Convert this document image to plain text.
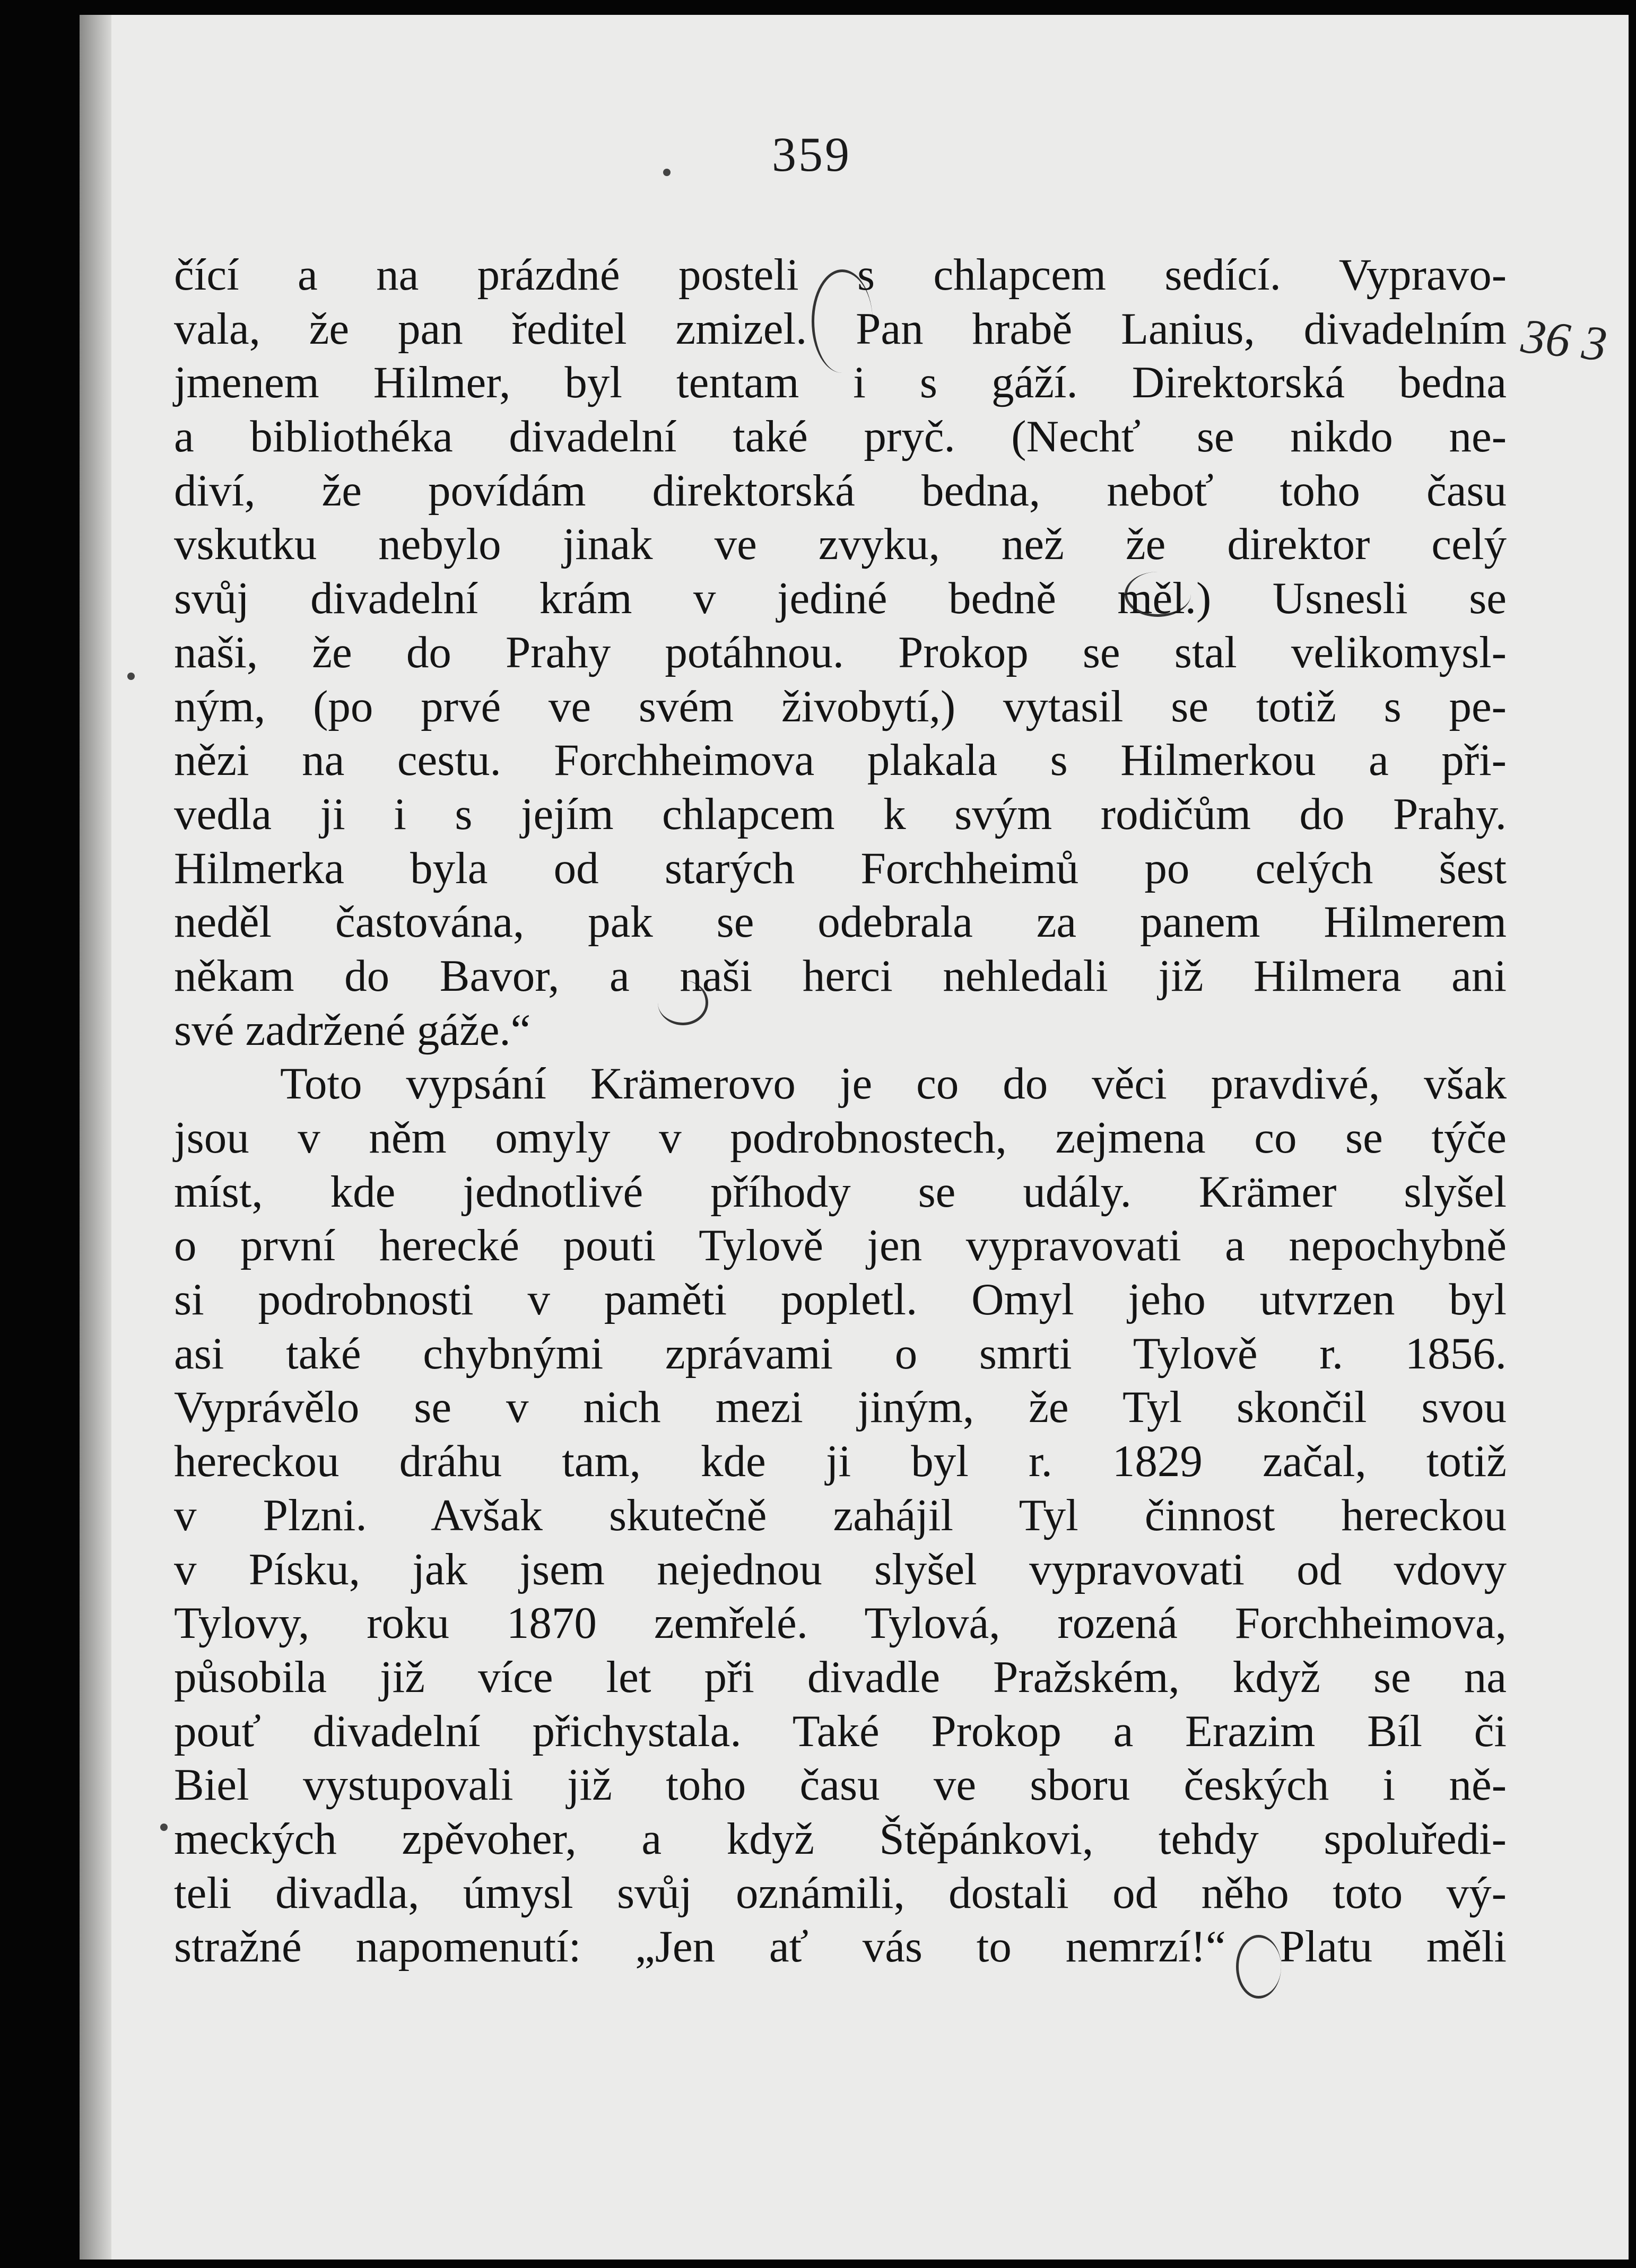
359
36 3
čící a na prázdné posteli s chlapcem sedící. Vypravo-
vala, že pan ředitel zmizel. Pan hrabě Lanius, divadelním
jmenem Hilmer, byl tentam i s gáží. Direktorská bedna
a bibliothéka divadelní také pryč. (Nechť se nikdo ne-
diví, že povídám direktorská bedna, neboť toho času
vskutku nebylo jinak ve zvyku, než že direktor celý
svůj divadelní krám v jediné bedně měl.) Usnesli se
naši, že do Prahy potáhnou. Prokop se stal velikomysl-
ným, (po prvé ve svém živobytí,) vytasil se totiž s pe-
nězi na cestu. Forchheimova plakala s Hilmerkou a při-
vedla ji i s jejím chlapcem k svým rodičům do Prahy.
Hilmerka byla od starých Forchheimů po celých šest
neděl častována, pak se odebrala za panem Hilmerem
někam do Bavor, a naši herci nehledali již Hilmera ani
své zadržené gáže.“
Toto vypsání Krämerovo je co do věci pravdivé, však
jsou v něm omyly v podrobnostech, zejmena co se týče
míst, kde jednotlivé příhody se udály. Krämer slyšel
o první herecké pouti Tylově jen vypravovati a nepochybně
si podrobnosti v paměti popletl. Omyl jeho utvrzen byl
asi také chybnými zprávami o smrti Tylově r. 1856.
Vyprávělo se v nich mezi jiným, že Tyl skončil svou
hereckou dráhu tam, kde ji byl r. 1829 začal, totiž
v Plzni. Avšak skutečně zahájil Tyl činnost hereckou
v Písku, jak jsem nejednou slyšel vypravovati od vdovy
Tylovy, roku 1870 zemřelé. Tylová, rozená Forchheimova,
působila již více let při divadle Pražském, když se na
pouť divadelní přichystala. Také Prokop a Erazim Bíl či
Biel vystupovali již toho času ve sboru českých i ně-
meckých zpěvoher, a když Štěpánkovi, tehdy spoluředi-
teli divadla, úmysl svůj oznámili, dostali od něho toto vý-
stražné napomenutí: „Jen ať vás to nemrzí!“ Platu měli
